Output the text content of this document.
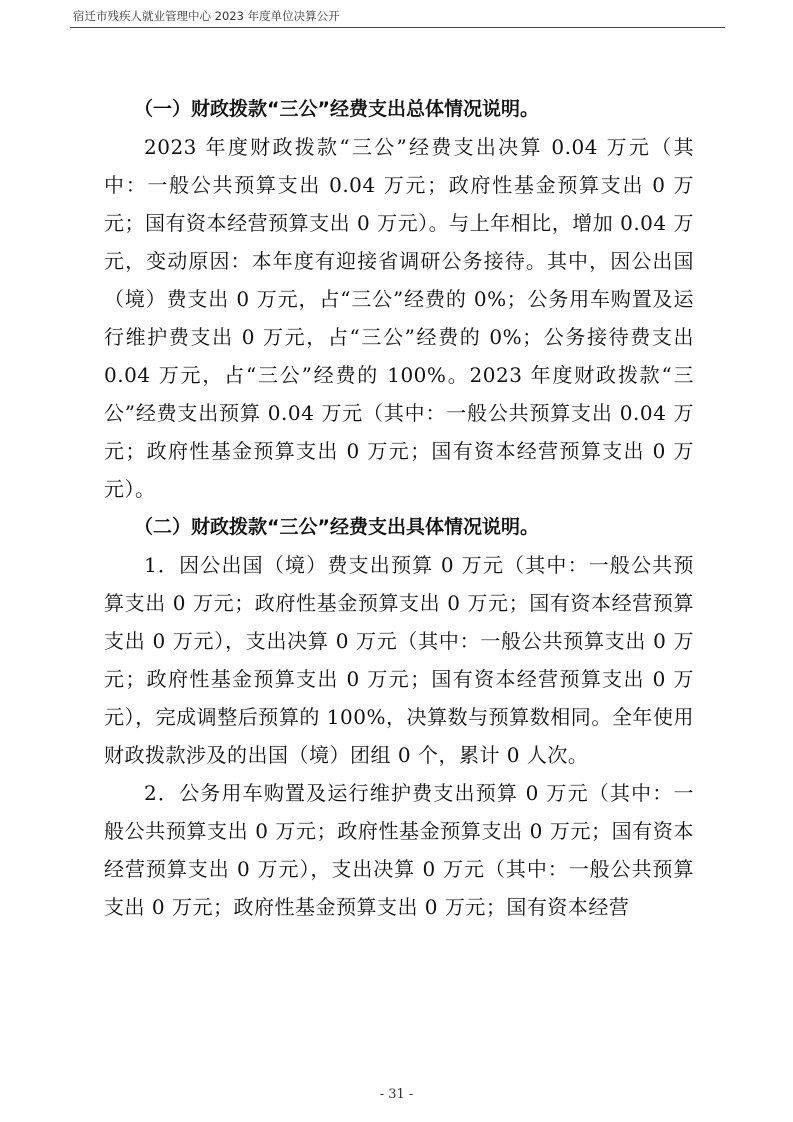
宿迁市残疾人就业管理中心 2023 年度单位决算公开
（一）财政拨款“三公”经费支出总体情况说明。

2023 年度财政拨款“三公”经费支出决算 0.04 万元（其中：一般公共预算支出 0.04 万元；政府性基金预算支出 0 万元；国有资本经营预算支出 0 万元）。与上年相比，增加 0.04 万元，变动原因：本年度有迎接省调研公务接待。其中，因公出国（境）费支出 0 万元，占“三公”经费的 0%；公务用车购置及运行维护费支出 0 万元，占“三公”经费的 0%；公务接待费支出 0.04 万元，占“三公”经费的 100%。2023 年度财政拨款“三公”经费支出预算 0.04 万元（其中：一般公共预算支出 0.04 万元；政府性基金预算支出 0 万元；国有资本经营预算支出 0 万元）。

（二）财政拨款“三公”经费支出具体情况说明。

1．因公出国（境）费支出预算 0 万元（其中：一般公共预算支出 0 万元；政府性基金预算支出 0 万元；国有资本经营预算支出 0 万元），支出决算 0 万元（其中：一般公共预算支出 0 万元；政府性基金预算支出 0 万元；国有资本经营预算支出 0 万元），完成调整后预算的 100%，决算数与预算数相同。全年使用财政拨款涉及的出国（境）团组 0 个，累计 0 人次。

2．公务用车购置及运行维护费支出预算 0 万元（其中：一般公共预算支出 0 万元；政府性基金预算支出 0 万元；国有资本经营预算支出 0 万元），支出决算 0 万元（其中：一般公共预算支出 0 万元；政府性基金预算支出 0 万元；国有资本经营

- 31 -
